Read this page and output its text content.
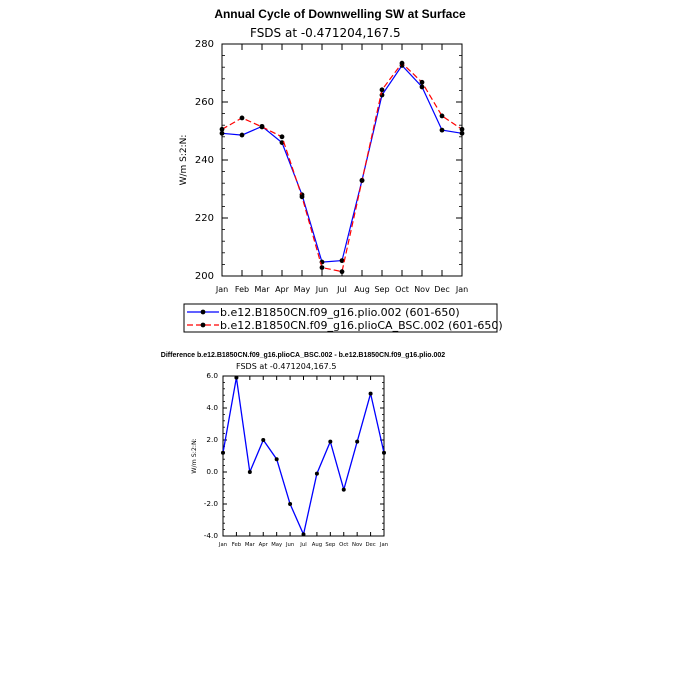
Annual Cycle of Downwelling SW at Surface
FSDS at -0.471204,167.5
200
220
240
260
280
Jan Feb Mar Apr May Jun Jul Aug Sep Oct Nov Dec Jan
W/m S:2:N:
b.e12.B1850CN.f09_g16.plio.002 (601-650)
b.e12.B1850CN.f09_g16.plioCA_BSC.002 (601-650)
Difference b.e12.B1850CN.f09_g16.plioCA_BSC.002 - b.e12.B1850CN.f09_g16.plio.002
FSDS at -0.471204,167.5
-4.0
-2.0
0.0
2.0
4.0
6.0
Jan Feb Mar Apr May Jun Jul Aug Sep Oct Nov Dec Jan
W/m S:2:N:
